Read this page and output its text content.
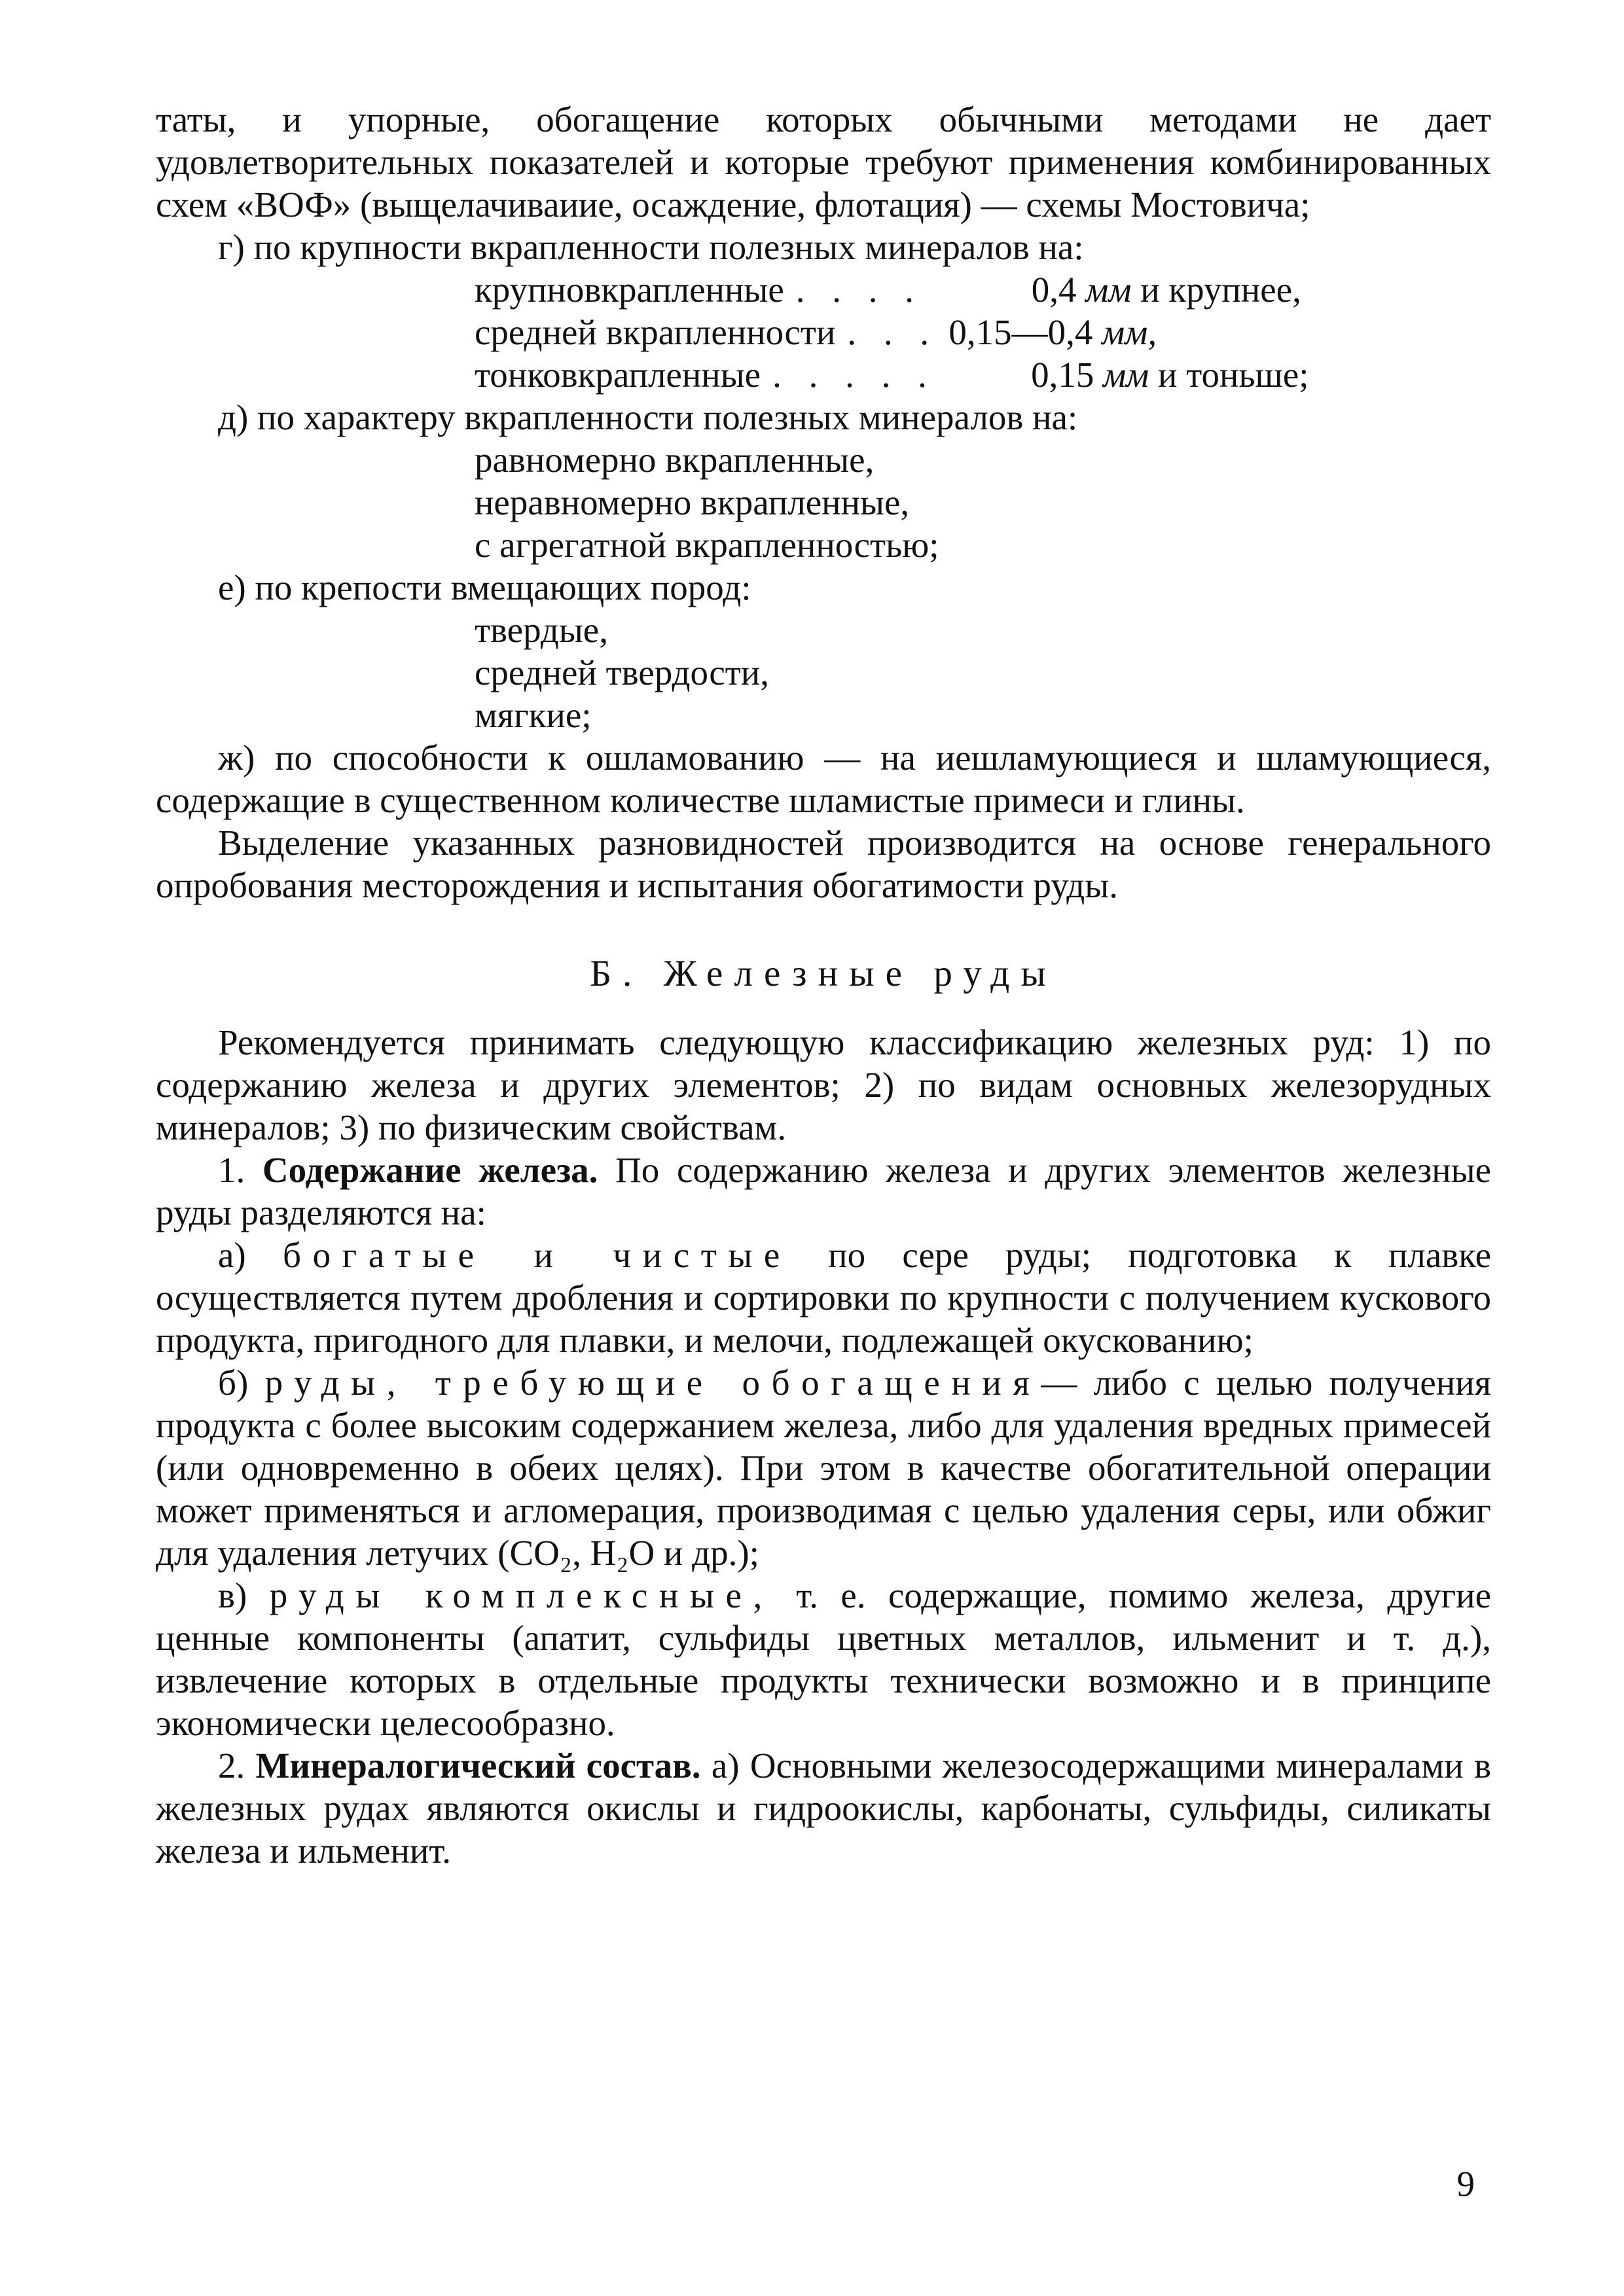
таты, и упорные, обогащение которых обычными методами не дает удовлетворительных показателей и которые требуют применения комбинированных схем «ВОФ» (выщелачиваиие, осаждение, флотация) — схемы Мостовича;

г) по крупности вкрапленности полезных минералов на:

крупновкрапленные . . . .	0,4 мм и крупнее,
средней вкрапленности . . . 0,15—0,4 мм,
тонковкрапленные . . . . .	0,15 мм и тоньше;

д) по характеру вкрапленности полезных минералов на:

равномерно вкрапленные,
неравномерно вкрапленные,
с агрегатной вкрапленностью;

е) по крепости вмещающих пород:

твердые,
средней твердости,
мягкие;

ж) по способности к ошламованию — на иешламующиеся и шламующиеся, содержащие в существенном количестве шламистые примеси и глины.

Выделение указанных разновидностей производится на основе генерального опробования месторождения и испытания обогатимости руды.

Б. Железные руды

Рекомендуется принимать следующую классификацию железных руд: 1) по содержанию железа и других элементов; 2) по видам основных железорудных минералов; 3) по физическим свойствам.

1. Содержание железа. По содержанию железа и других элементов железные руды разделяются на:

а) богатые и чистые по сере руды; подготовка к плавке осуществляется путем дробления и сортировки по крупности с получением кускового продукта, пригодного для плавки, и мелочи, подлежащей окускованию;

б) руды, требующие обогащения— либо с целью получения продукта с более высоким содержанием железа, либо для удаления вредных примесей (или одновременно в обеих целях). При этом в качестве обогатительной операции может применяться и агломерация, производимая с целью удаления серы, или обжиг для удаления летучих (CO₂, H₂O и др.);

в) руды комплексные, т. е. содержащие, помимо железа, другие ценные компоненты (апатит, сульфиды цветных металлов, ильменит и т. д.), извлечение которых в отдельные продукты технически возможно и в принципе экономически целесообразно.

2. Минералогический состав. а) Основными железосодержащими минералами в железных рудах являются окислы и гидроокислы, карбонаты, сульфиды, силикаты железа и ильменит.

9
